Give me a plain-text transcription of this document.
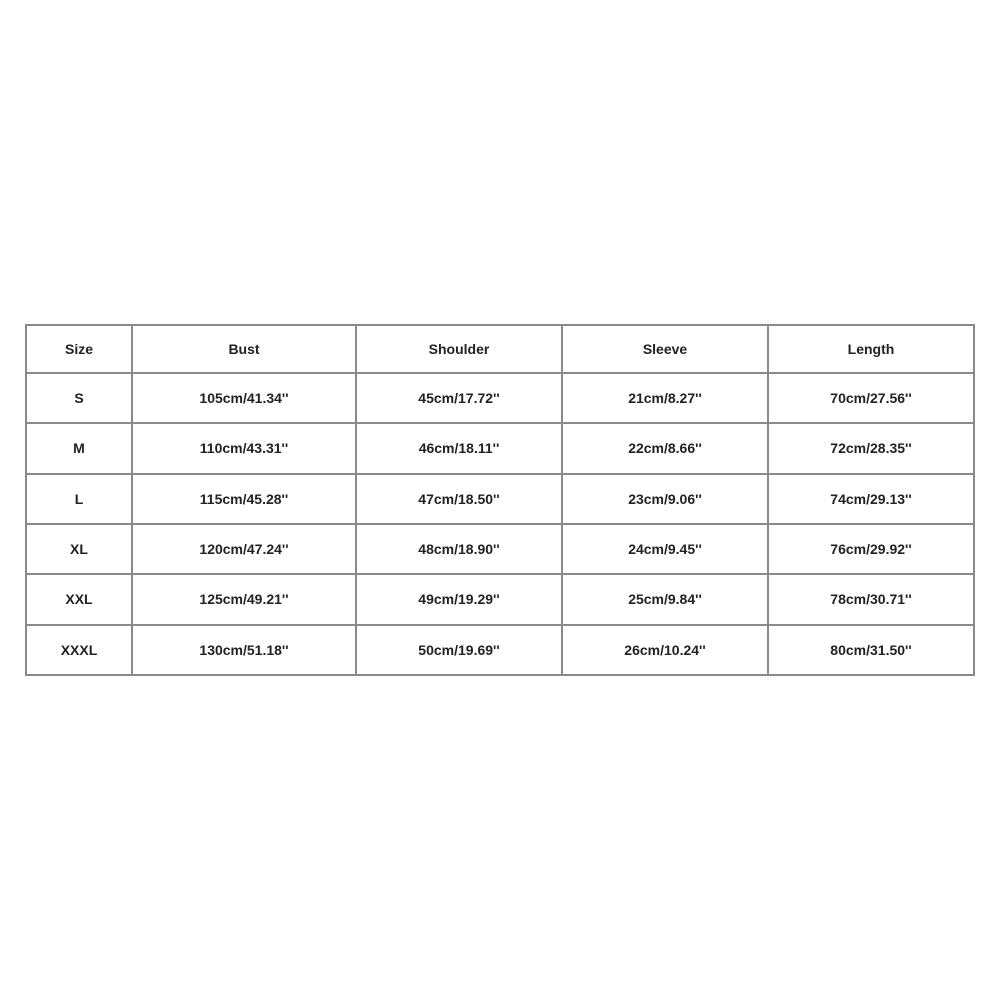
Size	Bust	Shoulder	Sleeve	Length
S	105cm/41.34''	45cm/17.72''	21cm/8.27''	70cm/27.56''
M	110cm/43.31''	46cm/18.11''	22cm/8.66''	72cm/28.35''
L	115cm/45.28''	47cm/18.50''	23cm/9.06''	74cm/29.13''
XL	120cm/47.24''	48cm/18.90''	24cm/9.45''	76cm/29.92''
XXL	125cm/49.21''	49cm/19.29''	25cm/9.84''	78cm/30.71''
XXXL	130cm/51.18''	50cm/19.69''	26cm/10.24''	80cm/31.50''
